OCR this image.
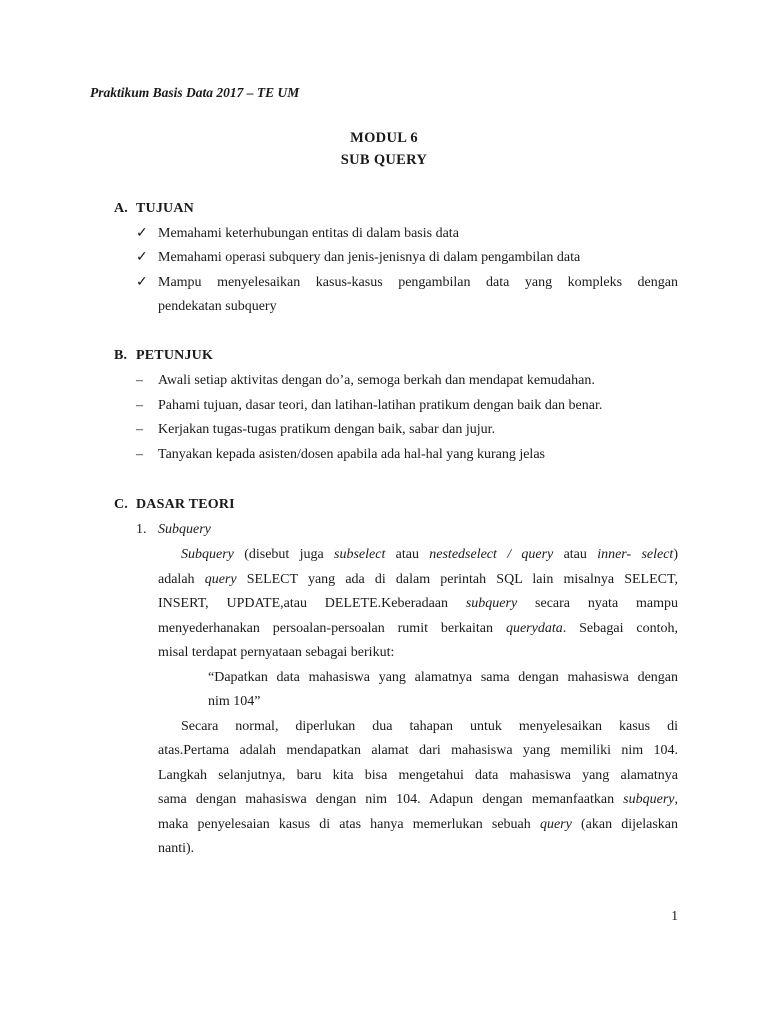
Praktikum Basis Data 2017 – TE UM
MODUL 6
SUB QUERY
A. TUJUAN
✓ Memahami keterhubungan entitas di dalam basis data
✓ Memahami operasi subquery dan jenis-jenisnya di dalam pengambilan data
✓ Mampu menyelesaikan kasus-kasus pengambilan data yang kompleks dengan
pendekatan subquery
B. PETUNJUK
–	Awali setiap aktivitas dengan do’a, semoga berkah dan mendapat kemudahan.
–	Pahami tujuan, dasar teori, dan latihan-latihan pratikum dengan baik dan benar.
–	Kerjakan tugas-tugas pratikum dengan baik, sabar dan jujur.
–	Tanyakan kepada asisten/dosen apabila ada hal-hal yang kurang jelas
C. DASAR TEORI
1. Subquery
Subquery (disebut juga subselect atau nestedselect / query atau inner- select)
adalah query SELECT yang ada di dalam perintah SQL lain misalnya SELECT,
INSERT, UPDATE,atau DELETE.Keberadaan subquery secara nyata mampu
menyederhanakan persoalan-persoalan rumit berkaitan querydata. Sebagai contoh,
misal terdapat pernyataan sebagai berikut:
“Dapatkan data mahasiswa yang alamatnya sama dengan mahasiswa dengan
nim 104”
Secara normal, diperlukan dua tahapan untuk menyelesaikan kasus di
atas.Pertama adalah mendapatkan alamat dari mahasiswa yang memiliki nim 104.
Langkah selanjutnya, baru kita bisa mengetahui data mahasiswa yang alamatnya
sama dengan mahasiswa dengan nim 104. Adapun dengan memanfaatkan subquery,
maka penyelesaian kasus di atas hanya memerlukan sebuah query (akan dijelaskan
nanti).
1
